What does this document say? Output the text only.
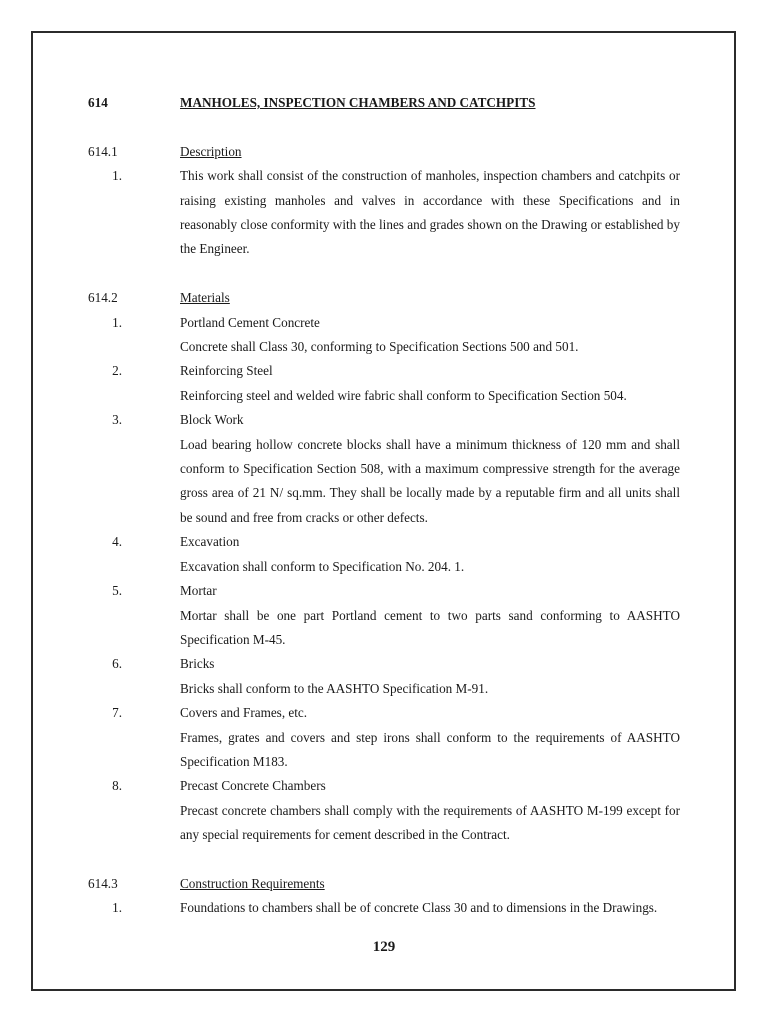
614	MANHOLES, INSPECTION CHAMBERS AND CATCHPITS
614.1	Description
1.	This work shall consist of the construction of manholes, inspection chambers and catchpits or raising existing manholes and valves in accordance with these Specifications and in reasonably close conformity with the lines and grades shown on the Drawing or established by the Engineer.
614.2	Materials
1.	Portland Cement Concrete
Concrete shall Class 30, conforming to Specification Sections 500 and 501.
2.	Reinforcing Steel
Reinforcing steel and welded wire fabric shall conform to Specification Section 504.
3.	Block Work
Load bearing hollow concrete blocks shall have a minimum thickness of 120 mm and shall conform to Specification Section 508, with a maximum compressive strength for the average gross area of 21 N/ sq.mm. They shall be locally made by a reputable firm and all units shall be sound and free from cracks or other defects.
4.	Excavation
Excavation shall conform to Specification No. 204. 1.
5.	Mortar
Mortar shall be one part Portland cement to two parts sand conforming to AASHTO Specification M-45.
6.	Bricks
Bricks shall conform to the AASHTO Specification M-91.
7.	Covers and Frames, etc.
Frames, grates and covers and step irons shall conform to the requirements of AASHTO Specification M183.
8.	Precast Concrete Chambers
Precast concrete chambers shall comply with the requirements of AASHTO M-199 except for any special requirements for cement described in the Contract.
614.3	Construction Requirements
1.	Foundations to chambers shall be of concrete Class 30 and to dimensions in the Drawings.
129
